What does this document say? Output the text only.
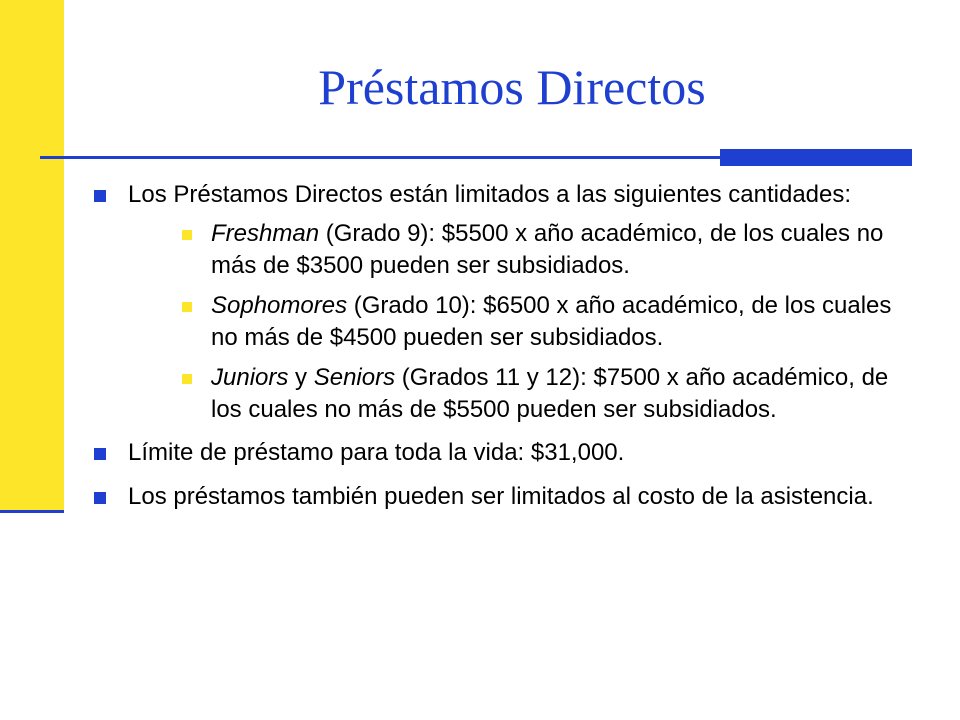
Préstamos Directos
Los Préstamos Directos están limitados a las siguientes cantidades:
Freshman (Grado 9): $5500 x año académico, de los cuales no más de $3500 pueden ser subsidiados.
Sophomores (Grado 10): $6500 x año académico, de los cuales no más de $4500 pueden ser subsidiados.
Juniors y Seniors (Grados 11 y 12): $7500 x año académico, de los cuales no más de $5500 pueden ser subsidiados.
Límite de préstamo para toda la vida: $31,000.
Los préstamos también pueden ser limitados al costo de la asistencia.
